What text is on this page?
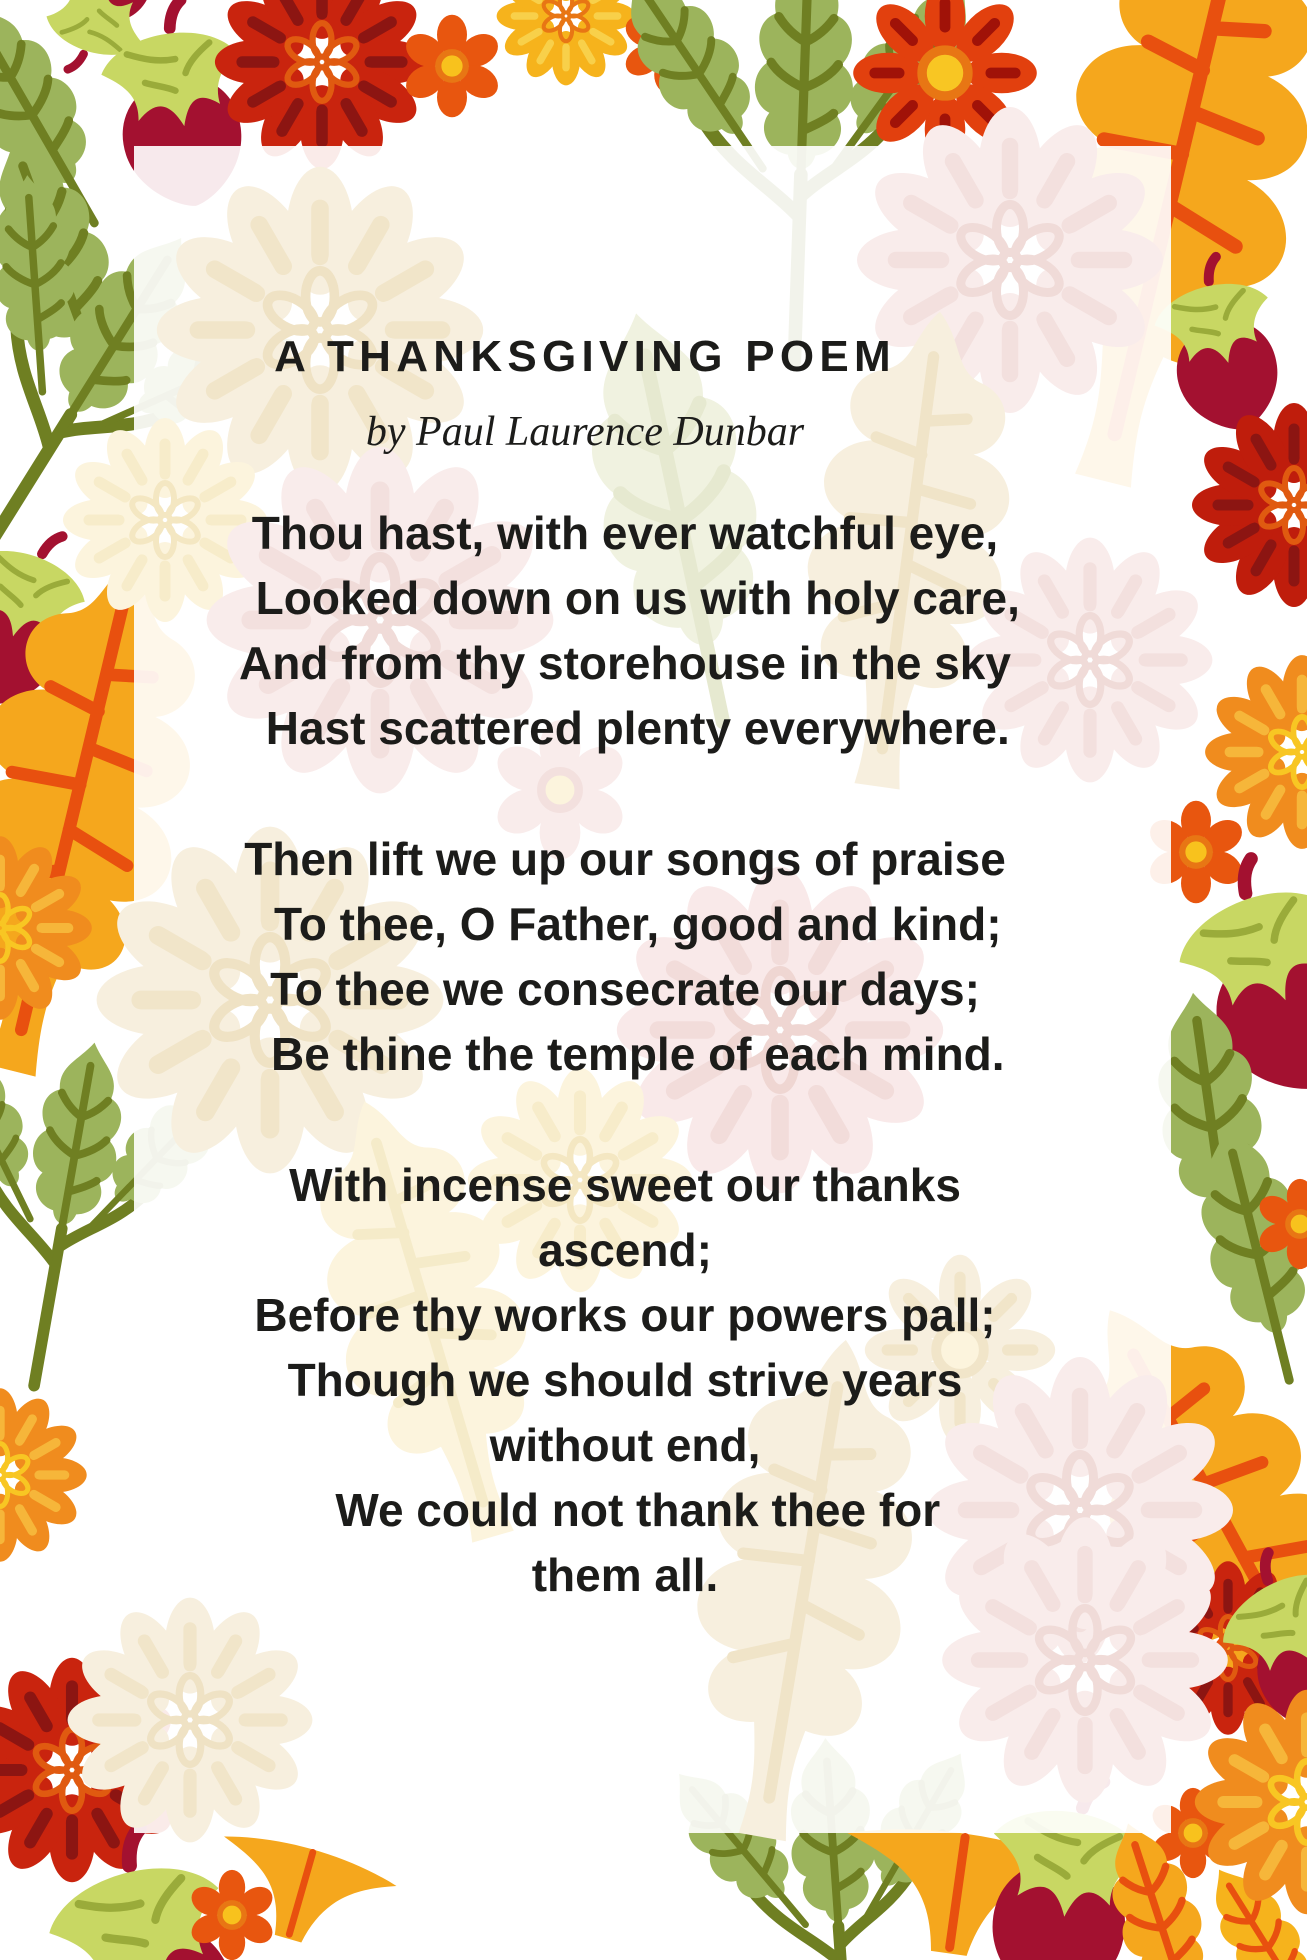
A THANKSGIVING POEM
by Paul Laurence Dunbar
Thou hast, with ever watchful eye,
Looked down on us with holy care,
And from thy storehouse in the sky
Hast scattered plenty everywhere.
Then lift we up our songs of praise
To thee, O Father, good and kind;
To thee we consecrate our days;
Be thine the temple of each mind.
With incense sweet our thanks
ascend;
Before thy works our powers pall;
Though we should strive years
without end,
We could not thank thee for
them all.
